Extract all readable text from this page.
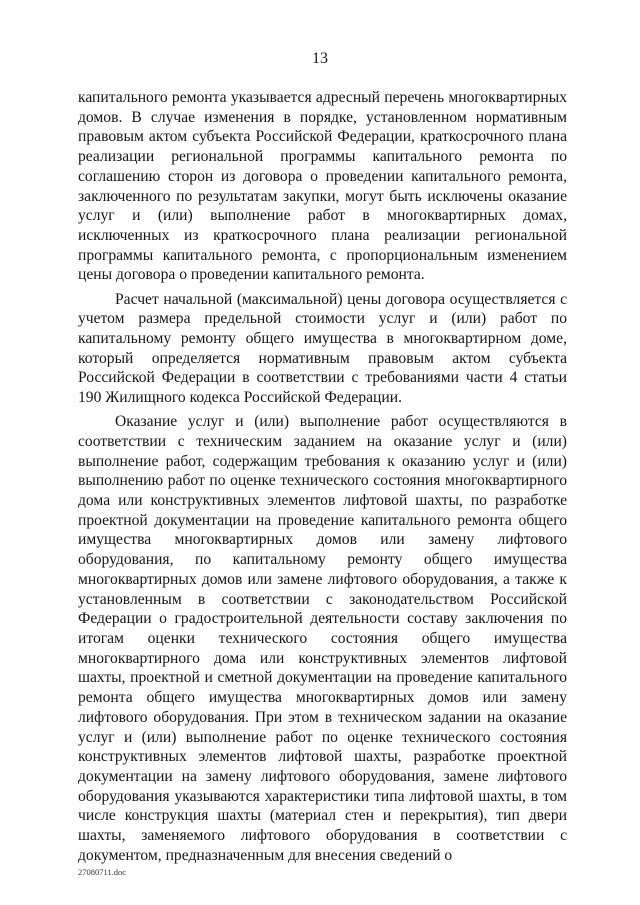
13

капитального ремонта указывается адресный перечень многоквартирных домов. В случае изменения в порядке, установленном нормативным правовым актом субъекта Российской Федерации, краткосрочного плана реализации региональной программы капитального ремонта по соглашению сторон из договора о проведении капитального ремонта, заключенного по результатам закупки, могут быть исключены оказание услуг и (или) выполнение работ в многоквартирных домах, исключенных из краткосрочного плана реализации региональной программы капитального ремонта, с пропорциональным изменением цены договора о проведении капитального ремонта.

Расчет начальной (максимальной) цены договора осуществляется с учетом размера предельной стоимости услуг и (или) работ по капитальному ремонту общего имущества в многоквартирном доме, который определяется нормативным правовым актом субъекта Российской Федерации в соответствии с требованиями части 4 статьи 190 Жилищного кодекса Российской Федерации.

Оказание услуг и (или) выполнение работ осуществляются в соответствии с техническим заданием на оказание услуг и (или) выполнение работ, содержащим требования к оказанию услуг и (или) выполнению работ по оценке технического состояния многоквартирного дома или конструктивных элементов лифтовой шахты, по разработке проектной документации на проведение капитального ремонта общего имущества многоквартирных домов или замену лифтового оборудования, по капитальному ремонту общего имущества многоквартирных домов или замене лифтового оборудования, а также к установленным в соответствии с законодательством Российской Федерации о градостроительной деятельности составу заключения по итогам оценки технического состояния общего имущества многоквартирного дома или конструктивных элементов лифтовой шахты, проектной и сметной документации на проведение капитального ремонта общего имущества многоквартирных домов или замену лифтового оборудования. При этом в техническом задании на оказание услуг и (или) выполнение работ по оценке технического состояния конструктивных элементов лифтовой шахты, разработке проектной документации на замену лифтового оборудования, замене лифтового оборудования указываются характеристики типа лифтовой шахты, в том числе конструкция шахты (материал стен и перекрытия), тип двери шахты, заменяемого лифтового оборудования в соответствии с документом, предназначенным для внесения сведений о

27080711.doc
